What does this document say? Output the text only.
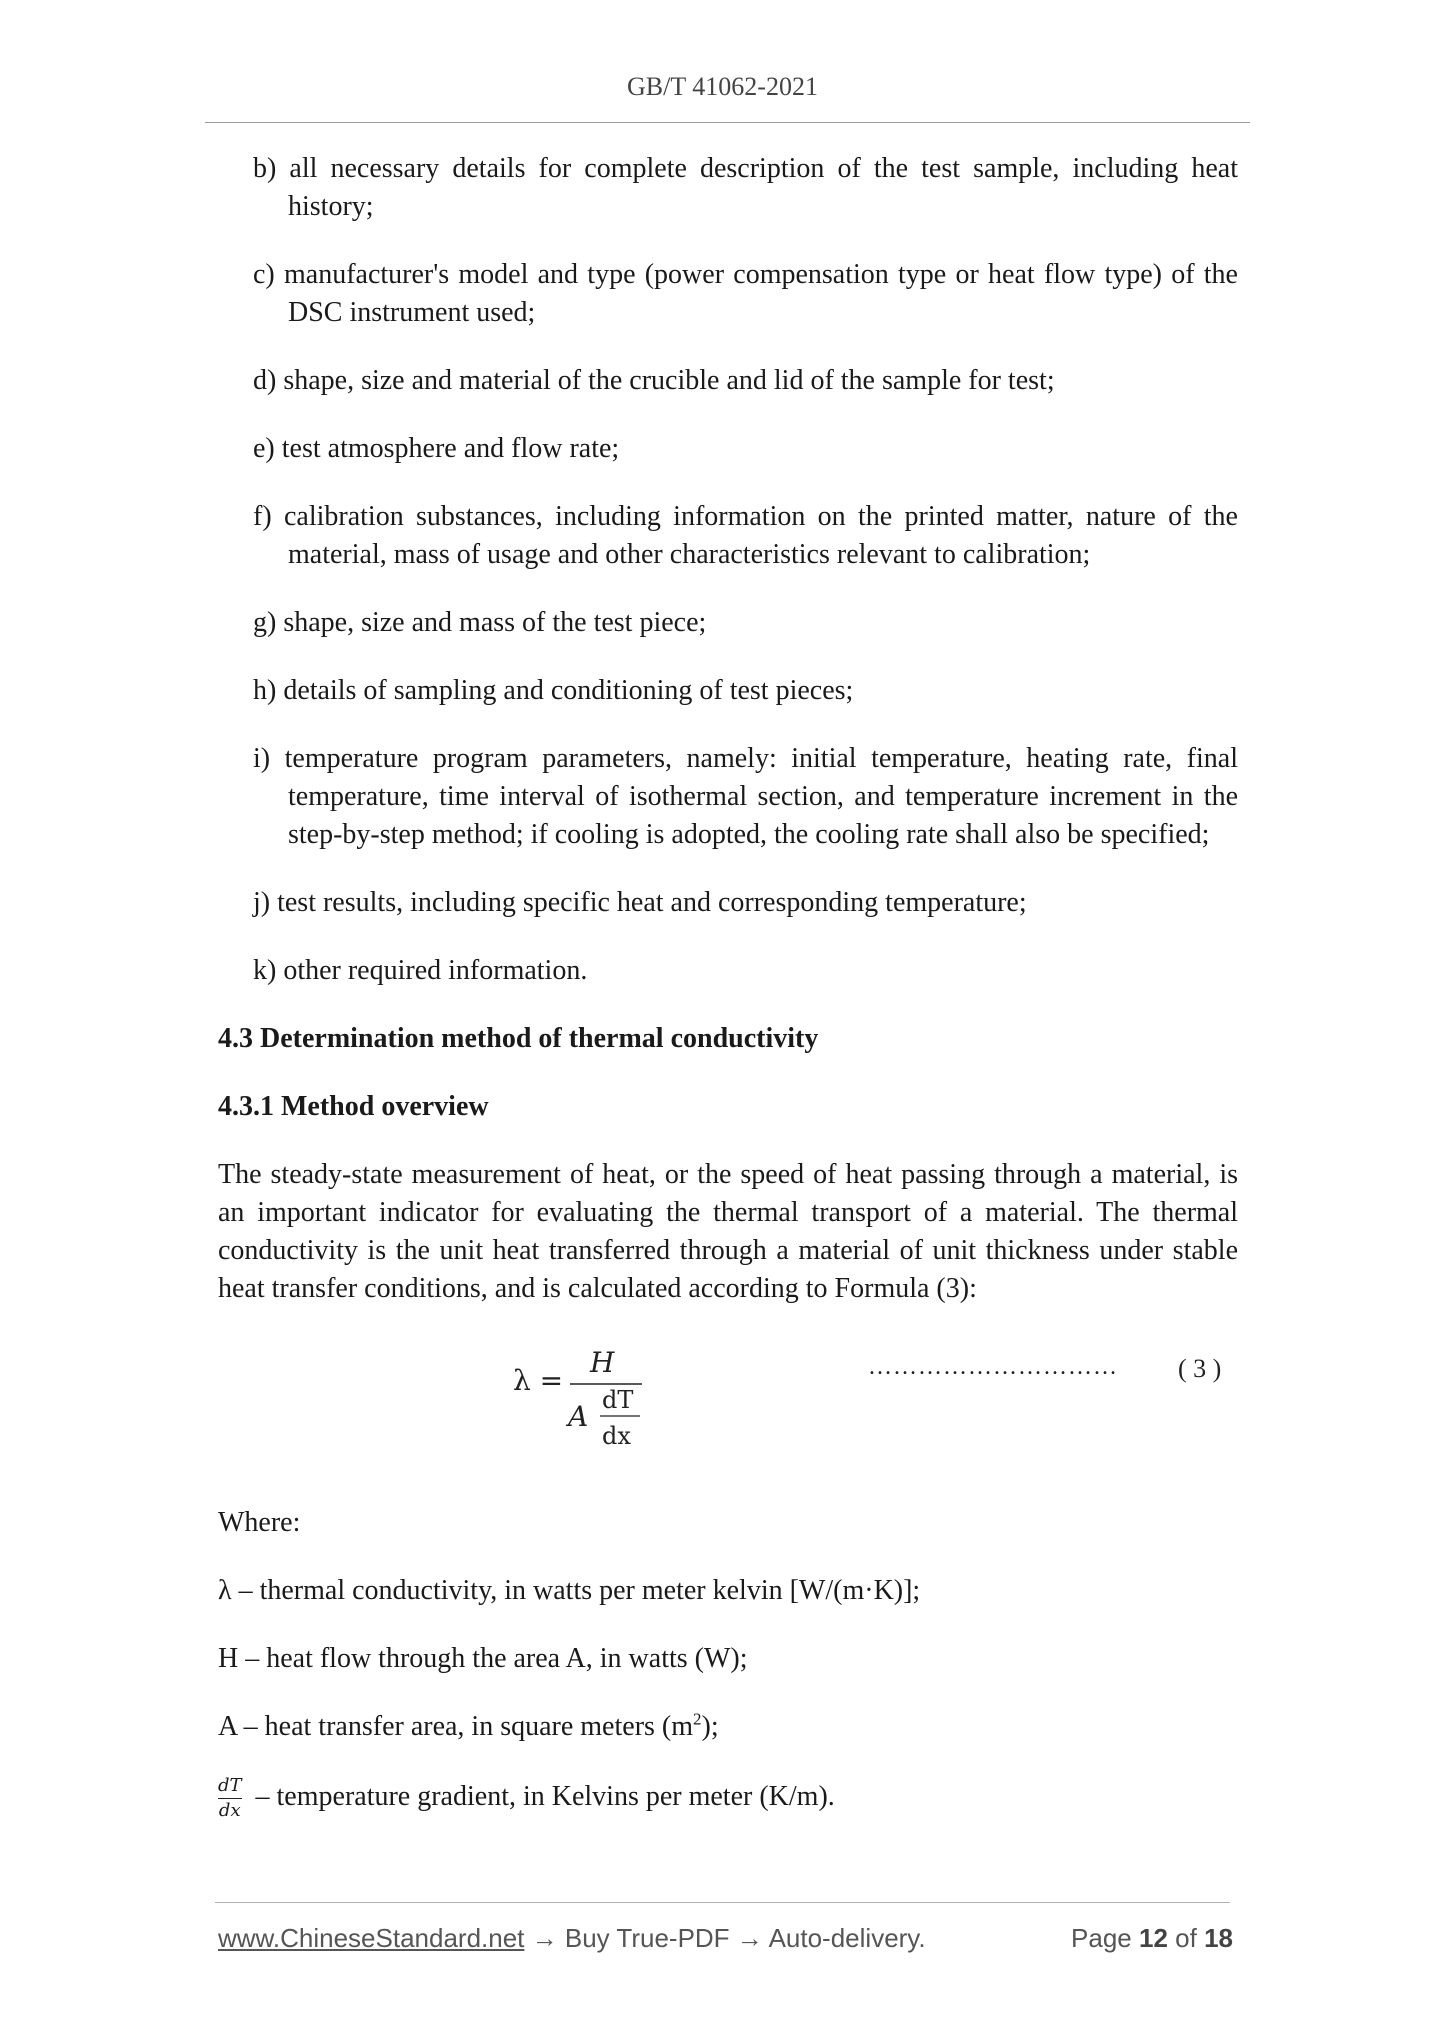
GB/T 41062-2021
b) all necessary details for complete description of the test sample, including heat history;
c) manufacturer's model and type (power compensation type or heat flow type) of the DSC instrument used;
d) shape, size and material of the crucible and lid of the sample for test;
e) test atmosphere and flow rate;
f) calibration substances, including information on the printed matter, nature of the material, mass of usage and other characteristics relevant to calibration;
g) shape, size and mass of the test piece;
h) details of sampling and conditioning of test pieces;
i) temperature program parameters, namely: initial temperature, heating rate, final temperature, time interval of isothermal section, and temperature increment in the step-by-step method; if cooling is adopted, the cooling rate shall also be specified;
j) test results, including specific heat and corresponding temperature;
k) other required information.
4.3 Determination method of thermal conductivity
4.3.1 Method overview
The steady-state measurement of heat, or the speed of heat passing through a material, is an important indicator for evaluating the thermal transport of a material. The thermal conductivity is the unit heat transferred through a material of unit thickness under stable heat transfer conditions, and is calculated according to Formula (3):
λ =
H
A dT
dx
………………………… ( 3 )
Where:
λ – thermal conductivity, in watts per meter kelvin [W/(m·K)];
H – heat flow through the area A, in watts (W);
A – heat transfer area, in square meters $(m^2)$;
$\frac{dT}{dx}$ – temperature gradient, in Kelvins per meter (K/m).
www.ChineseStandard.net → Buy True-PDF → Auto-delivery.	Page 12 of 18
